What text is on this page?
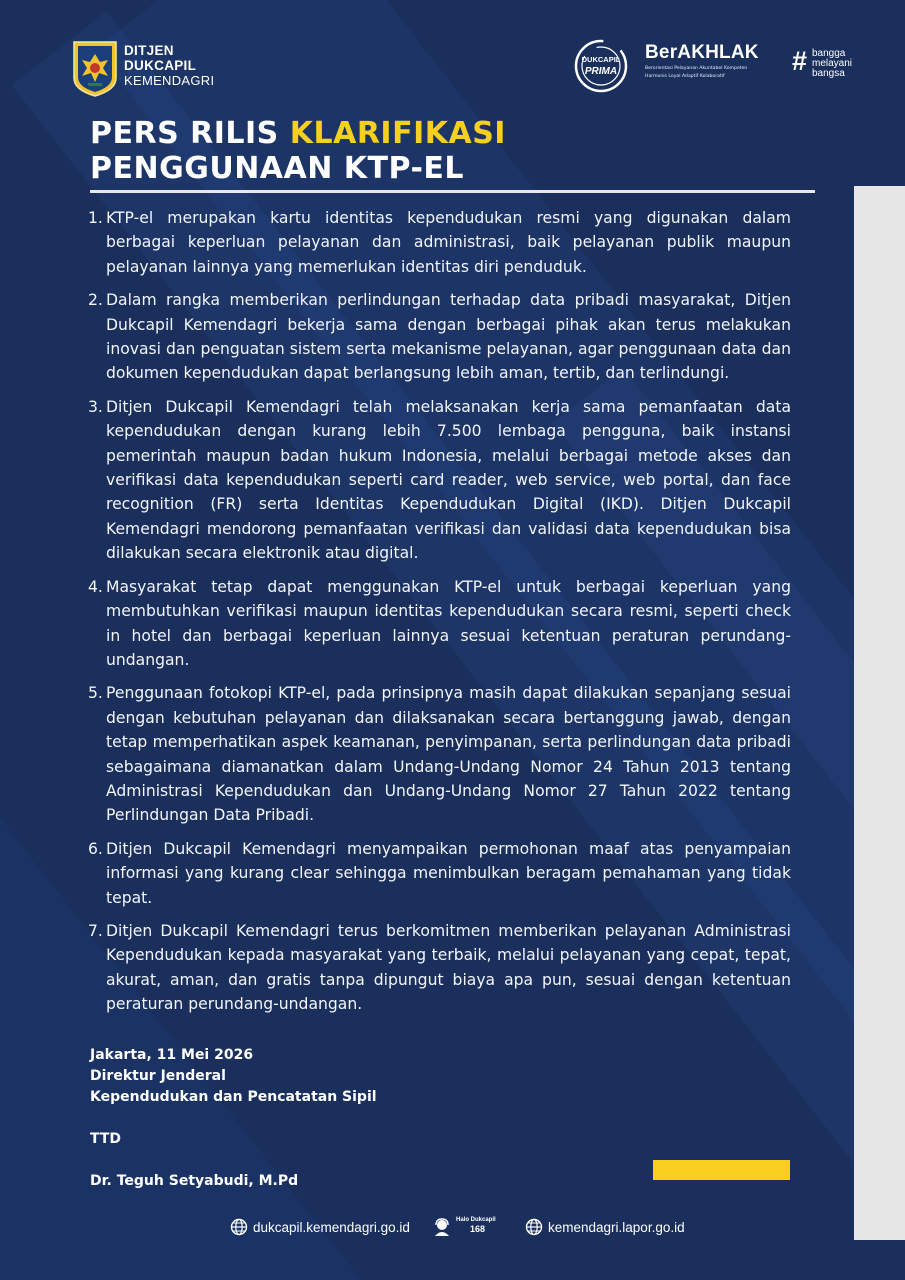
DITJEN
DUKCAPIL
KEMENDAGRI
DUKCAPIL
PRIMA
BerAKHLAK
Berorientasi Pelayanan Akuntabel Kompeten
Harmonis Loyal Adaptif Kolaboratif
# bangga
melayani
bangsa
PERS RILIS KLARIFIKASI
PENGGUNAAN KTP-EL
1. KTP-el merupakan kartu identitas kependudukan resmi yang digunakan dalam berbagai keperluan pelayanan dan administrasi, baik pelayanan publik maupun pelayanan lainnya yang memerlukan identitas diri penduduk.
2. Dalam rangka memberikan perlindungan terhadap data pribadi masyarakat, Ditjen Dukcapil Kemendagri bekerja sama dengan berbagai pihak akan terus melakukan inovasi dan penguatan sistem serta mekanisme pelayanan, agar penggunaan data dan dokumen kependudukan dapat berlangsung lebih aman, tertib, dan terlindungi.
3. Ditjen Dukcapil Kemendagri telah melaksanakan kerja sama pemanfaatan data kependudukan dengan kurang lebih 7.500 lembaga pengguna, baik instansi pemerintah maupun badan hukum Indonesia, melalui berbagai metode akses dan verifikasi data kependudukan seperti card reader, web service, web portal, dan face recognition (FR) serta Identitas Kependudukan Digital (IKD). Ditjen Dukcapil Kemendagri mendorong pemanfaatan verifikasi dan validasi data kependudukan bisa dilakukan secara elektronik atau digital.
4. Masyarakat tetap dapat menggunakan KTP-el untuk berbagai keperluan yang membutuhkan verifikasi maupun identitas kependudukan secara resmi, seperti check in hotel dan berbagai keperluan lainnya sesuai ketentuan peraturan perundang-undangan.
5. Penggunaan fotokopi KTP-el, pada prinsipnya masih dapat dilakukan sepanjang sesuai dengan kebutuhan pelayanan dan dilaksanakan secara bertanggung jawab, dengan tetap memperhatikan aspek keamanan, penyimpanan, serta perlindungan data pribadi sebagaimana diamanatkan dalam Undang-Undang Nomor 24 Tahun 2013 tentang Administrasi Kependudukan dan Undang-Undang Nomor 27 Tahun 2022 tentang Perlindungan Data Pribadi.
6. Ditjen Dukcapil Kemendagri menyampaikan permohonan maaf atas penyampaian informasi yang kurang clear sehingga menimbulkan beragam pemahaman yang tidak tepat.
7. Ditjen Dukcapil Kemendagri terus berkomitmen memberikan pelayanan Administrasi Kependudukan kepada masyarakat yang terbaik, melalui pelayanan yang cepat, tepat, akurat, aman, dan gratis tanpa dipungut biaya apa pun, sesuai dengan ketentuan peraturan perundang-undangan.
Jakarta, 11 Mei 2026
Direktur Jenderal
Kependudukan dan Pencatatan Sipil
TTD
Dr. Teguh Setyabudi, M.Pd
dukcapil.kemendagri.go.id	Halo Dukcapil
168	kemendagri.lapor.go.id
